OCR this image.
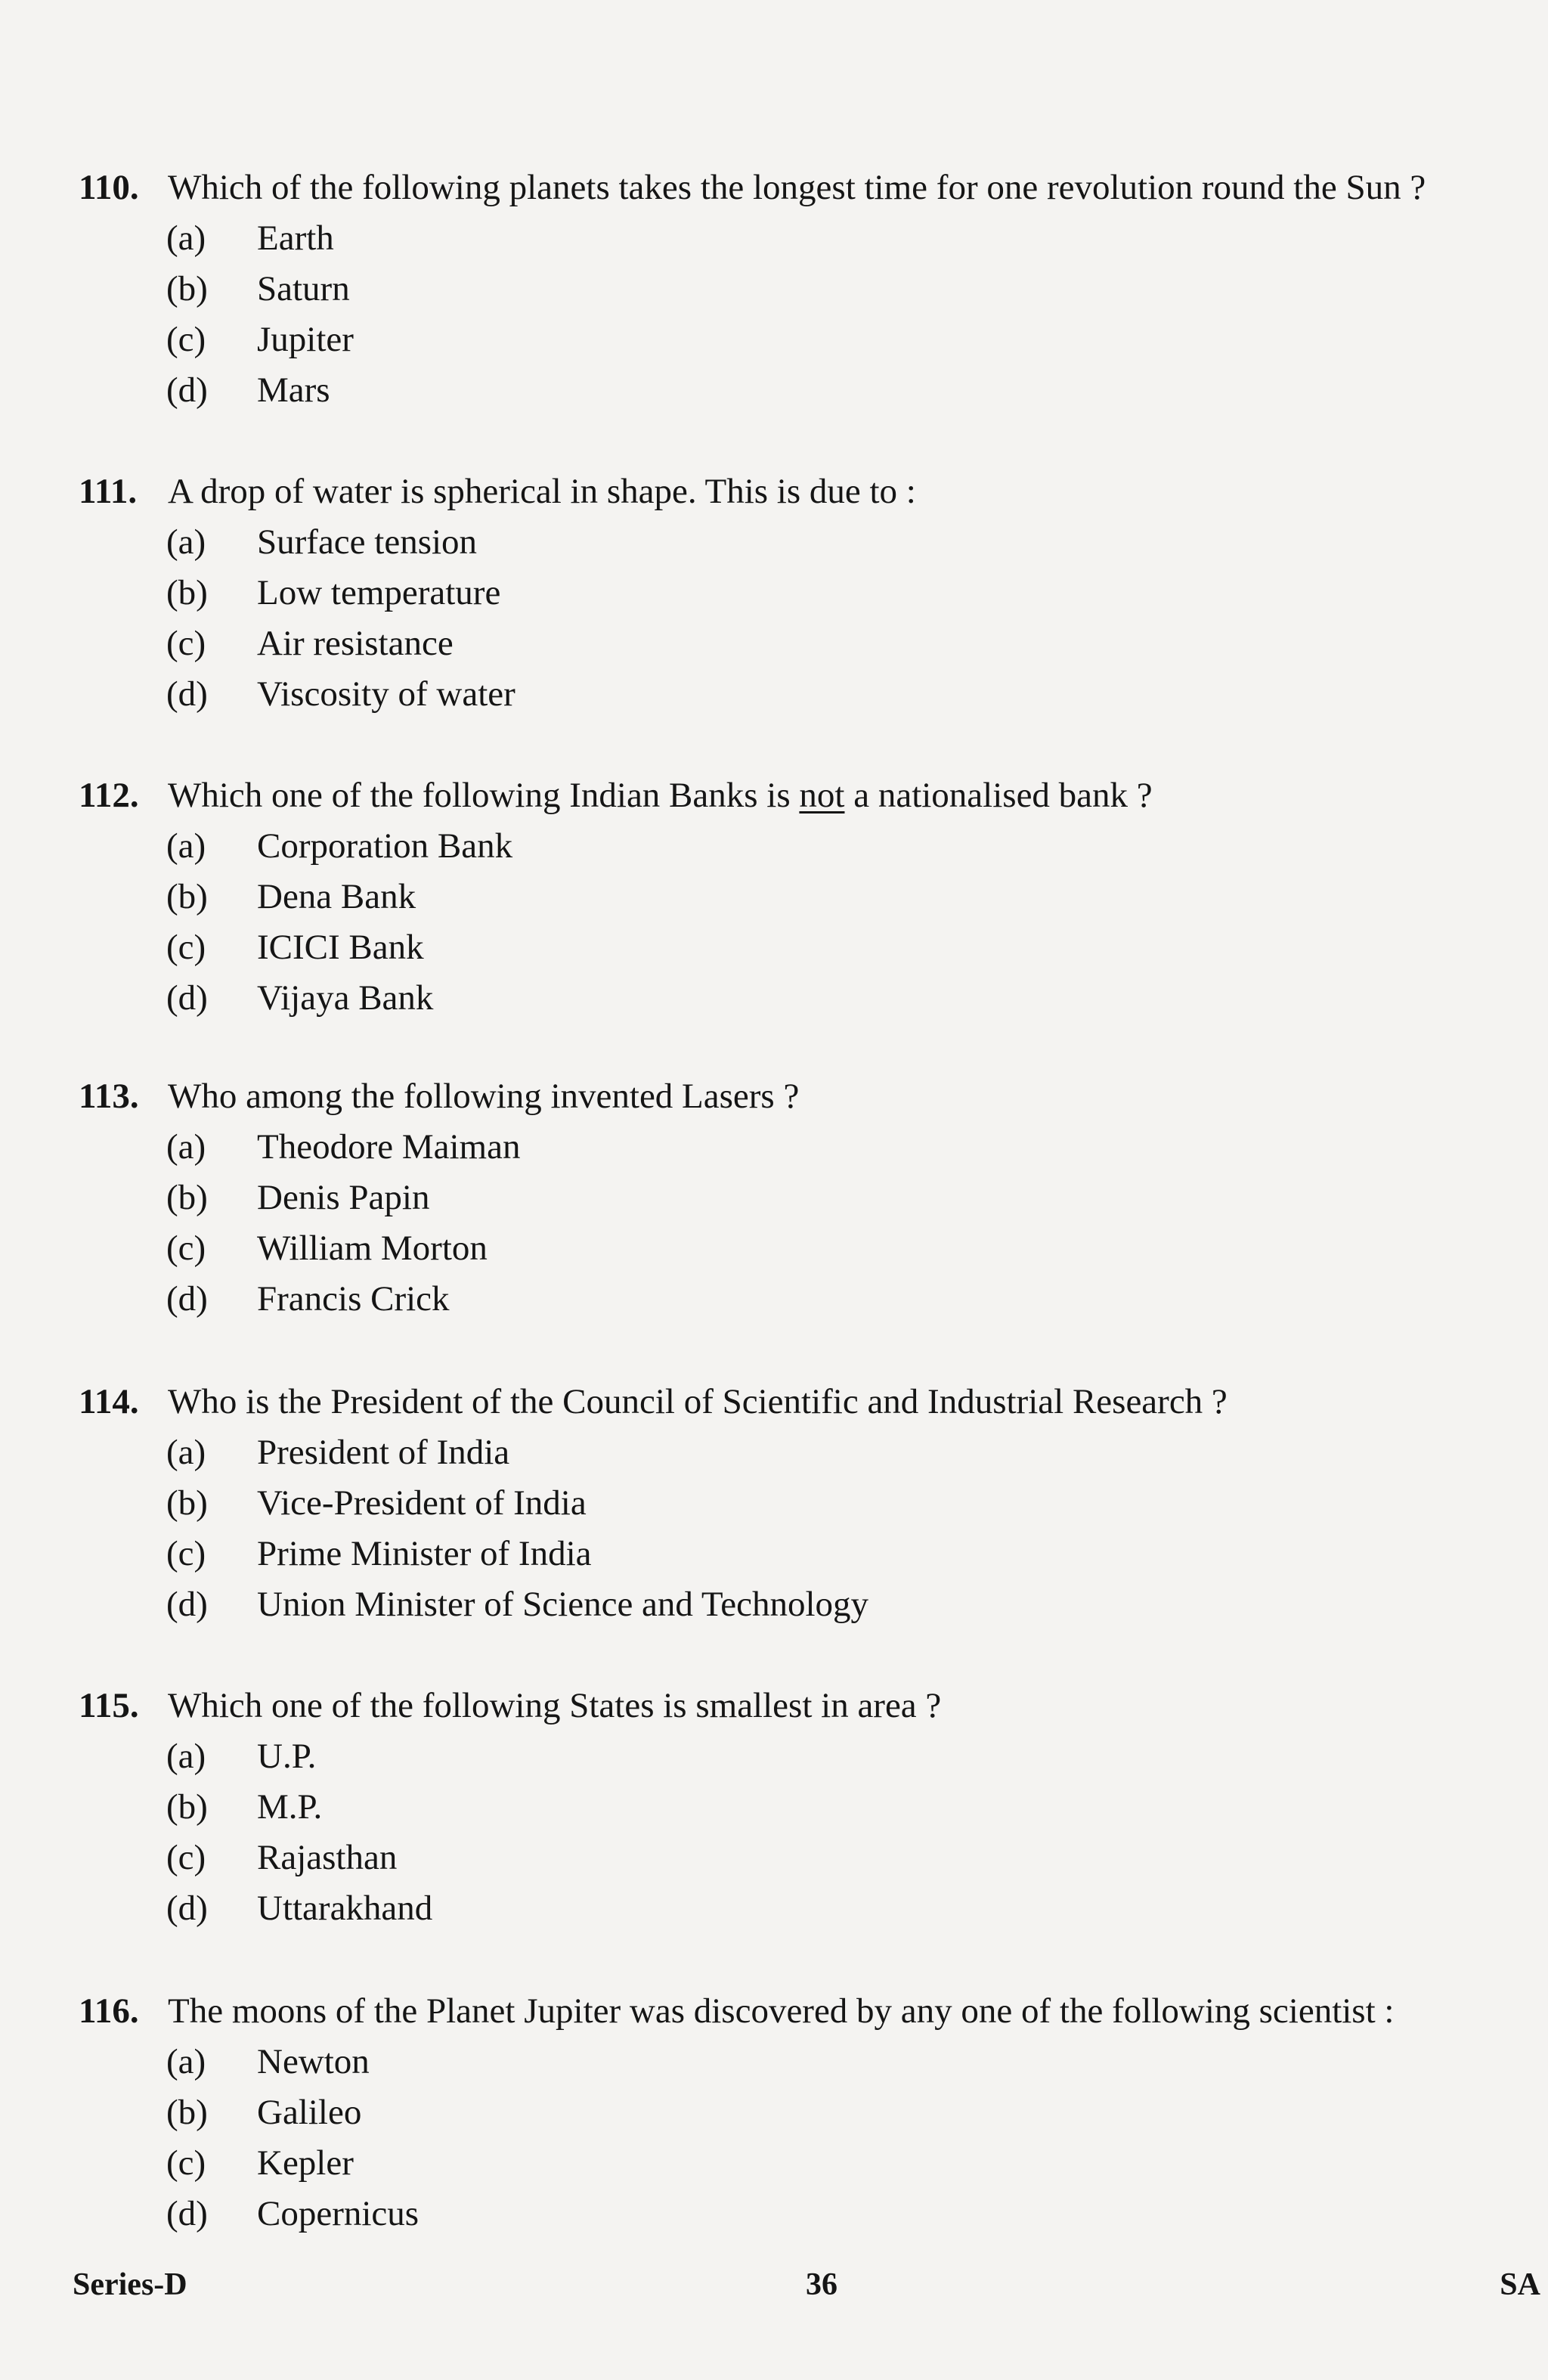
110. Which of the following planets takes the longest time for one revolution round the Sun ?
(a)	Earth
(b)	Saturn
(c)	Jupiter
(d)	Mars
111. A drop of water is spherical in shape. This is due to :
(a)	Surface tension
(b)	Low temperature
(c)	Air resistance
(d)	Viscosity of water
112. Which one of the following Indian Banks is not a nationalised bank ?
(a)	Corporation Bank
(b)	Dena Bank
(c)	ICICI Bank
(d)	Vijaya Bank
113. Who among the following invented Lasers ?
(a)	Theodore Maiman
(b)	Denis Papin
(c)	William Morton
(d)	Francis Crick
114. Who is the President of the Council of Scientific and Industrial Research ?
(a)	President of India
(b)	Vice-President of India
(c)	Prime Minister of India
(d)	Union Minister of Science and Technology
115. Which one of the following States is smallest in area ?
(a)	U.P.
(b)	M.P.
(c)	Rajasthan
(d)	Uttarakhand
116. The moons of the Planet Jupiter was discovered by any one of the following scientist :
(a)	Newton
(b)	Galileo
(c)	Kepler
(d)	Copernicus
Series-D	36	SA
